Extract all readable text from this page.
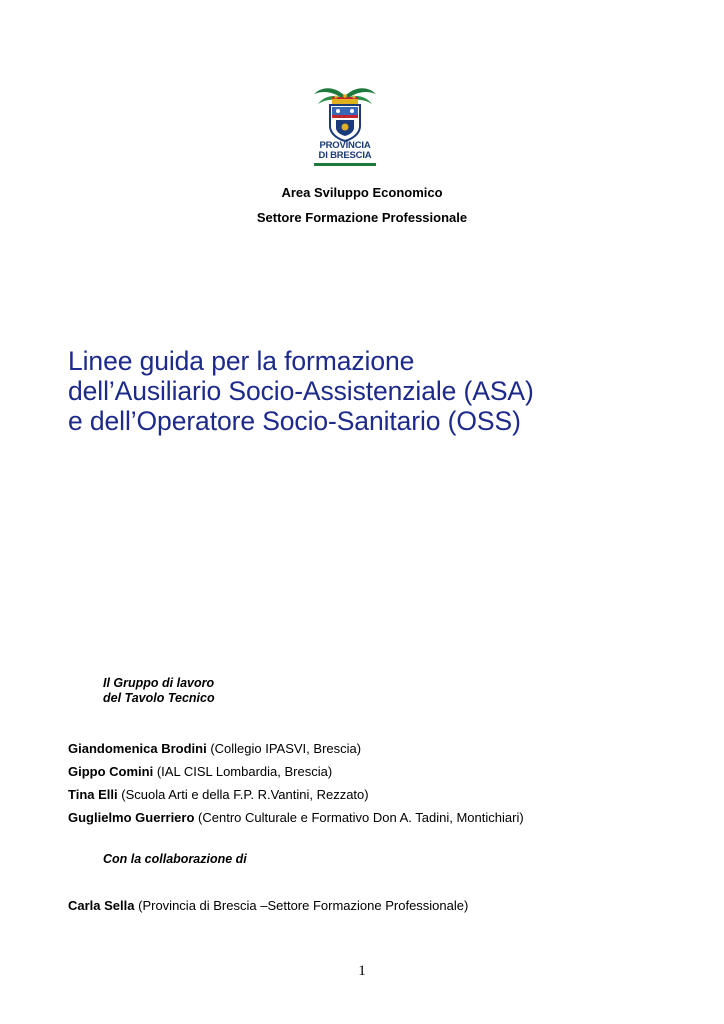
PROVINCIA
DI BRESCIA
Area Sviluppo Economico
Settore Formazione Professionale
Linee guida per la formazione
dell’Ausiliario Socio-Assistenziale (ASA)
e dell’Operatore Socio-Sanitario (OSS)
Il Gruppo di lavoro
del Tavolo Tecnico
Giandomenica Brodini (Collegio IPASVI, Brescia)
Gippo Comini (IAL CISL Lombardia, Brescia)
Tina Elli (Scuola Arti e della F.P. R.Vantini, Rezzato)
Guglielmo Guerriero (Centro Culturale e Formativo Don A. Tadini, Montichiari)
Con la collaborazione di
Carla Sella (Provincia di Brescia –Settore Formazione Professionale)
1
